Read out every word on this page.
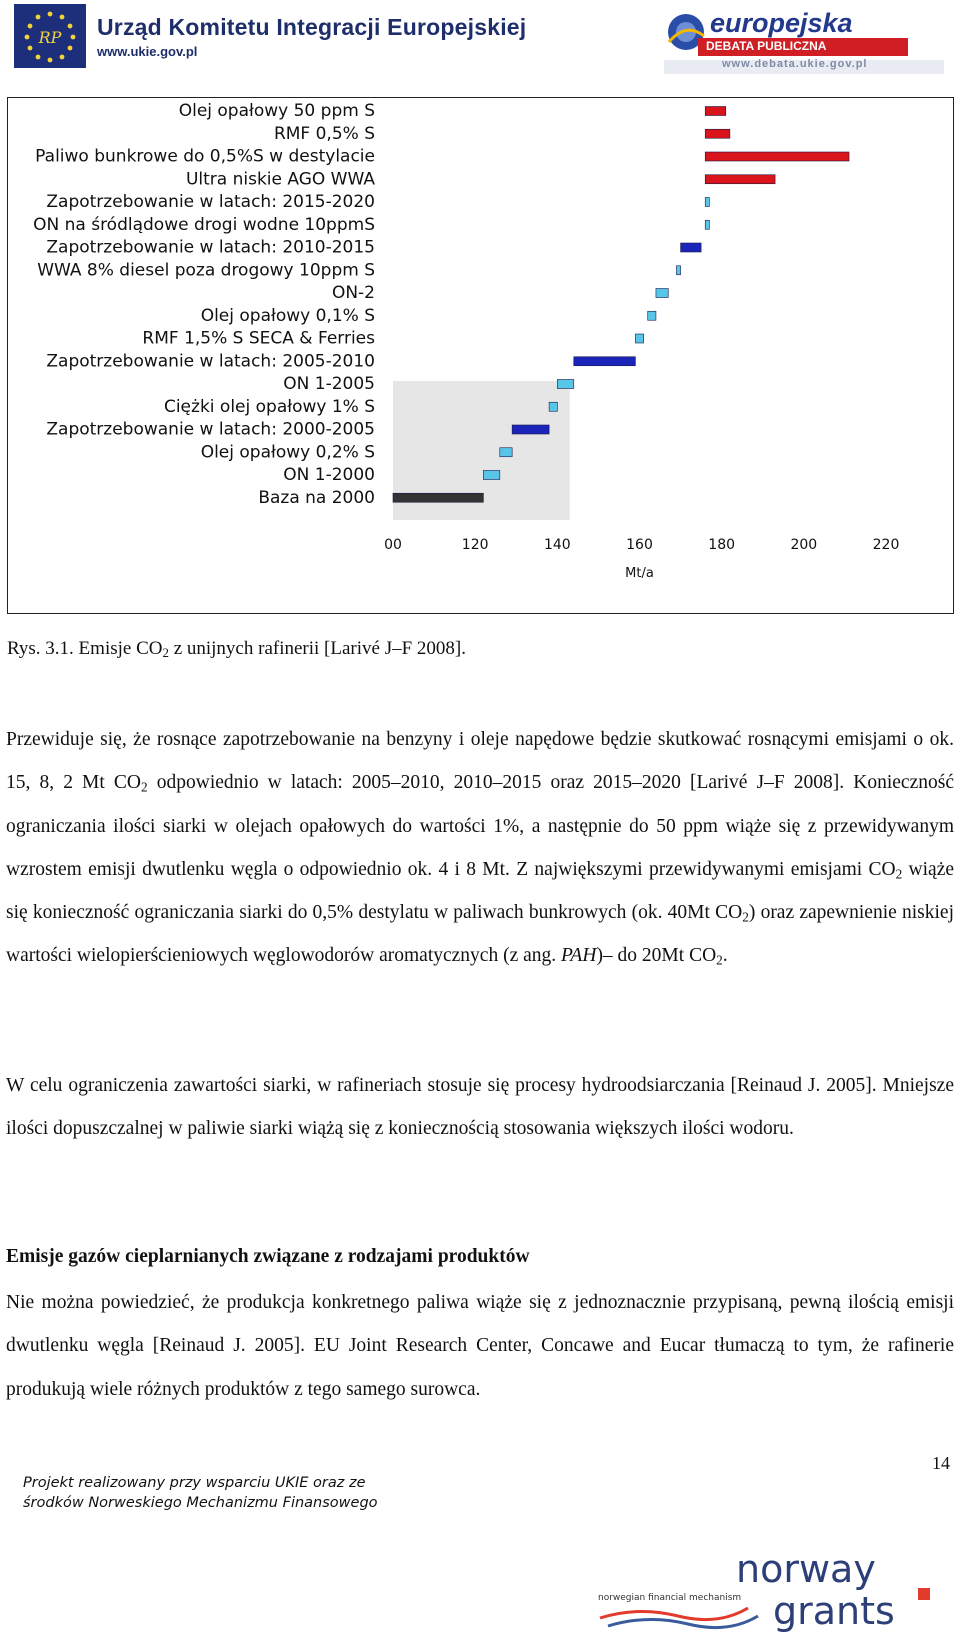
RP Urząd Komitetu Integracji Europejskiej
www.ukie.gov.pl
europejska
DEBATA PUBLICZNA
www.debata.ukie.gov.pl
Olej opałowy 50 ppm S
RMF 0,5% S
Paliwo bunkrowe do 0,5%S w destylacie
Ultra niskie AGO WWA
Zapotrzebowanie w latach: 2015-2020
ON na śródlądowe drogi wodne 10ppmS
Zapotrzebowanie w latach: 2010-2015
WWA 8% diesel poza drogowy 10ppm S
ON-2
Olej opałowy 0,1% S
RMF 1,5% S SECA & Ferries
Zapotrzebowanie w latach: 2005-2010
ON 1-2005
Ciężki olej opałowy 1% S
Zapotrzebowanie w latach: 2000-2005
Olej opałowy 0,2% S
ON 1-2000
Baza na 2000
00	120	140	160	180	200	220
Mt/a
Rys. 3.1. Emisje $CO_2$ z unijnych rafinerii [Larivé J–F 2008].
Przewiduje się, że rosnące zapotrzebowanie na benzyny i oleje napędowe będzie skutkować rosnącymi emisjami o ok. 15, 8, 2 Mt $CO_2$ odpowiednio w latach: 2005–2010, 2010–2015 oraz 2015–2020 [Larivé J–F 2008]. Konieczność ograniczania ilości siarki w olejach opałowych do wartości 1%, a następnie do 50 ppm wiąże się z przewidywanym wzrostem emisji dwutlenku węgla o odpowiednio ok. 4 i 8 Mt. Z największymi przewidywanymi emisjami $CO_2$ wiąże się konieczność ograniczania siarki do 0,5% destylatu w paliwach bunkrowych (ok. 40Mt $CO_2$) oraz zapewnienie niskiej wartości wielopierścieniowych węglowodorów aromatycznych (z ang. PAH)– do 20Mt $CO_2$.
W celu ograniczenia zawartości siarki, w rafineriach stosuje się procesy hydroodsiarczania [Reinaud J. 2005]. Mniejsze ilości dopuszczalnej w paliwie siarki wiążą się z koniecznością stosowania większych ilości wodoru.
Emisje gazów cieplarnianych związane z rodzajami produktów
Nie można powiedzieć, że produkcja konkretnego paliwa wiąże się z jednoznacznie przypisaną, pewną ilością emisji dwutlenku węgla [Reinaud J. 2005]. EU Joint Research Center, Concawe and Eucar tłumaczą to tym, że rafinerie produkują wiele różnych produktów z tego samego surowca.
14
Projekt realizowany przy wsparciu UKIE oraz ze
środków Norweskiego Mechanizmu Finansowego
norway
grants
norwegian financial mechanism
